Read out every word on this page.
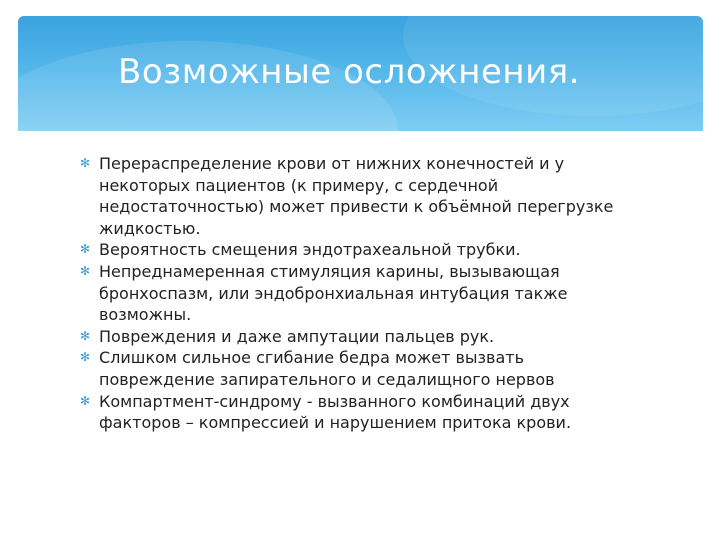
Возможные осложнения.
✻ Перераспределение крови от нижних конечностей и у некоторых пациентов (к примеру, с сердечной недостаточностью) может привести к объёмной перегрузке жидкостью.
✻ Вероятность смещения эндотрахеальной трубки.
✻ Непреднамеренная стимуляция карины, вызывающая бронхоспазм, или эндобронхиальная интубация также возможны.
✻ Повреждения и даже ампутации пальцев рук.
✻ Слишком сильное сгибание бедра может вызвать повреждение запирательного и седалищного нервов
✻ Компартмент-синдрому - вызванного комбинаций двух факторов – компрессией и нарушением притока крови.
